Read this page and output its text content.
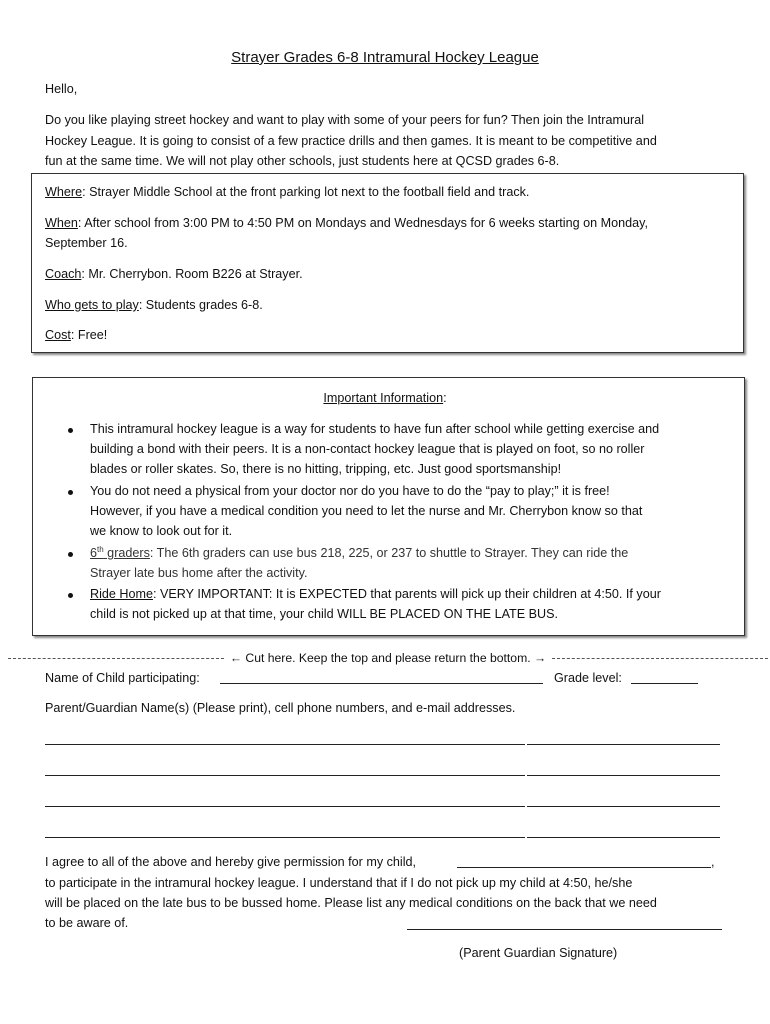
Strayer Grades 6-8 Intramural Hockey League
Hello,
Do you like playing street hockey and want to play with some of your peers for fun? Then join the Intramural
Hockey League. It is going to consist of a few practice drills and then games. It is meant to be competitive and
fun at the same time. We will not play other schools, just students here at QCSD grades 6-8.
Where: Strayer Middle School at the front parking lot next to the football field and track.
When: After school from 3:00 PM to 4:50 PM on Mondays and Wednesdays for 6 weeks starting on Monday,
September 16.
Coach: Mr. Cherrybon. Room B226 at Strayer.
Who gets to play: Students grades 6-8.
Cost: Free!
Important Information:
This intramural hockey league is a way for students to have fun after school while getting exercise and
building a bond with their peers. It is a non-contact hockey league that is played on foot, so no roller
blades or roller skates. So, there is no hitting, tripping, etc. Just good sportsmanship!
You do not need a physical from your doctor nor do you have to do the “pay to play;” it is free!
However, if you have a medical condition you need to let the nurse and Mr. Cherrybon know so that
we know to look out for it.
6th graders: The 6th graders can use bus 218, 225, or 237 to shuttle to Strayer. They can ride the
Strayer late bus home after the activity.
Ride Home: VERY IMPORTANT: It is EXPECTED that parents will pick up their children at 4:50. If your
child is not picked up at that time, your child WILL BE PLACED ON THE LATE BUS.
← Cut here. Keep the top and please return the bottom. →
Name of Child participating:	Grade level:
Parent/Guardian Name(s) (Please print), cell phone numbers, and e-mail addresses.
I agree to all of the above and hereby give permission for my child,	,
to participate in the intramural hockey league. I understand that if I do not pick up my child at 4:50, he/she
will be placed on the late bus to be bussed home. Please list any medical conditions on the back that we need
to be aware of.
(Parent Guardian Signature)
